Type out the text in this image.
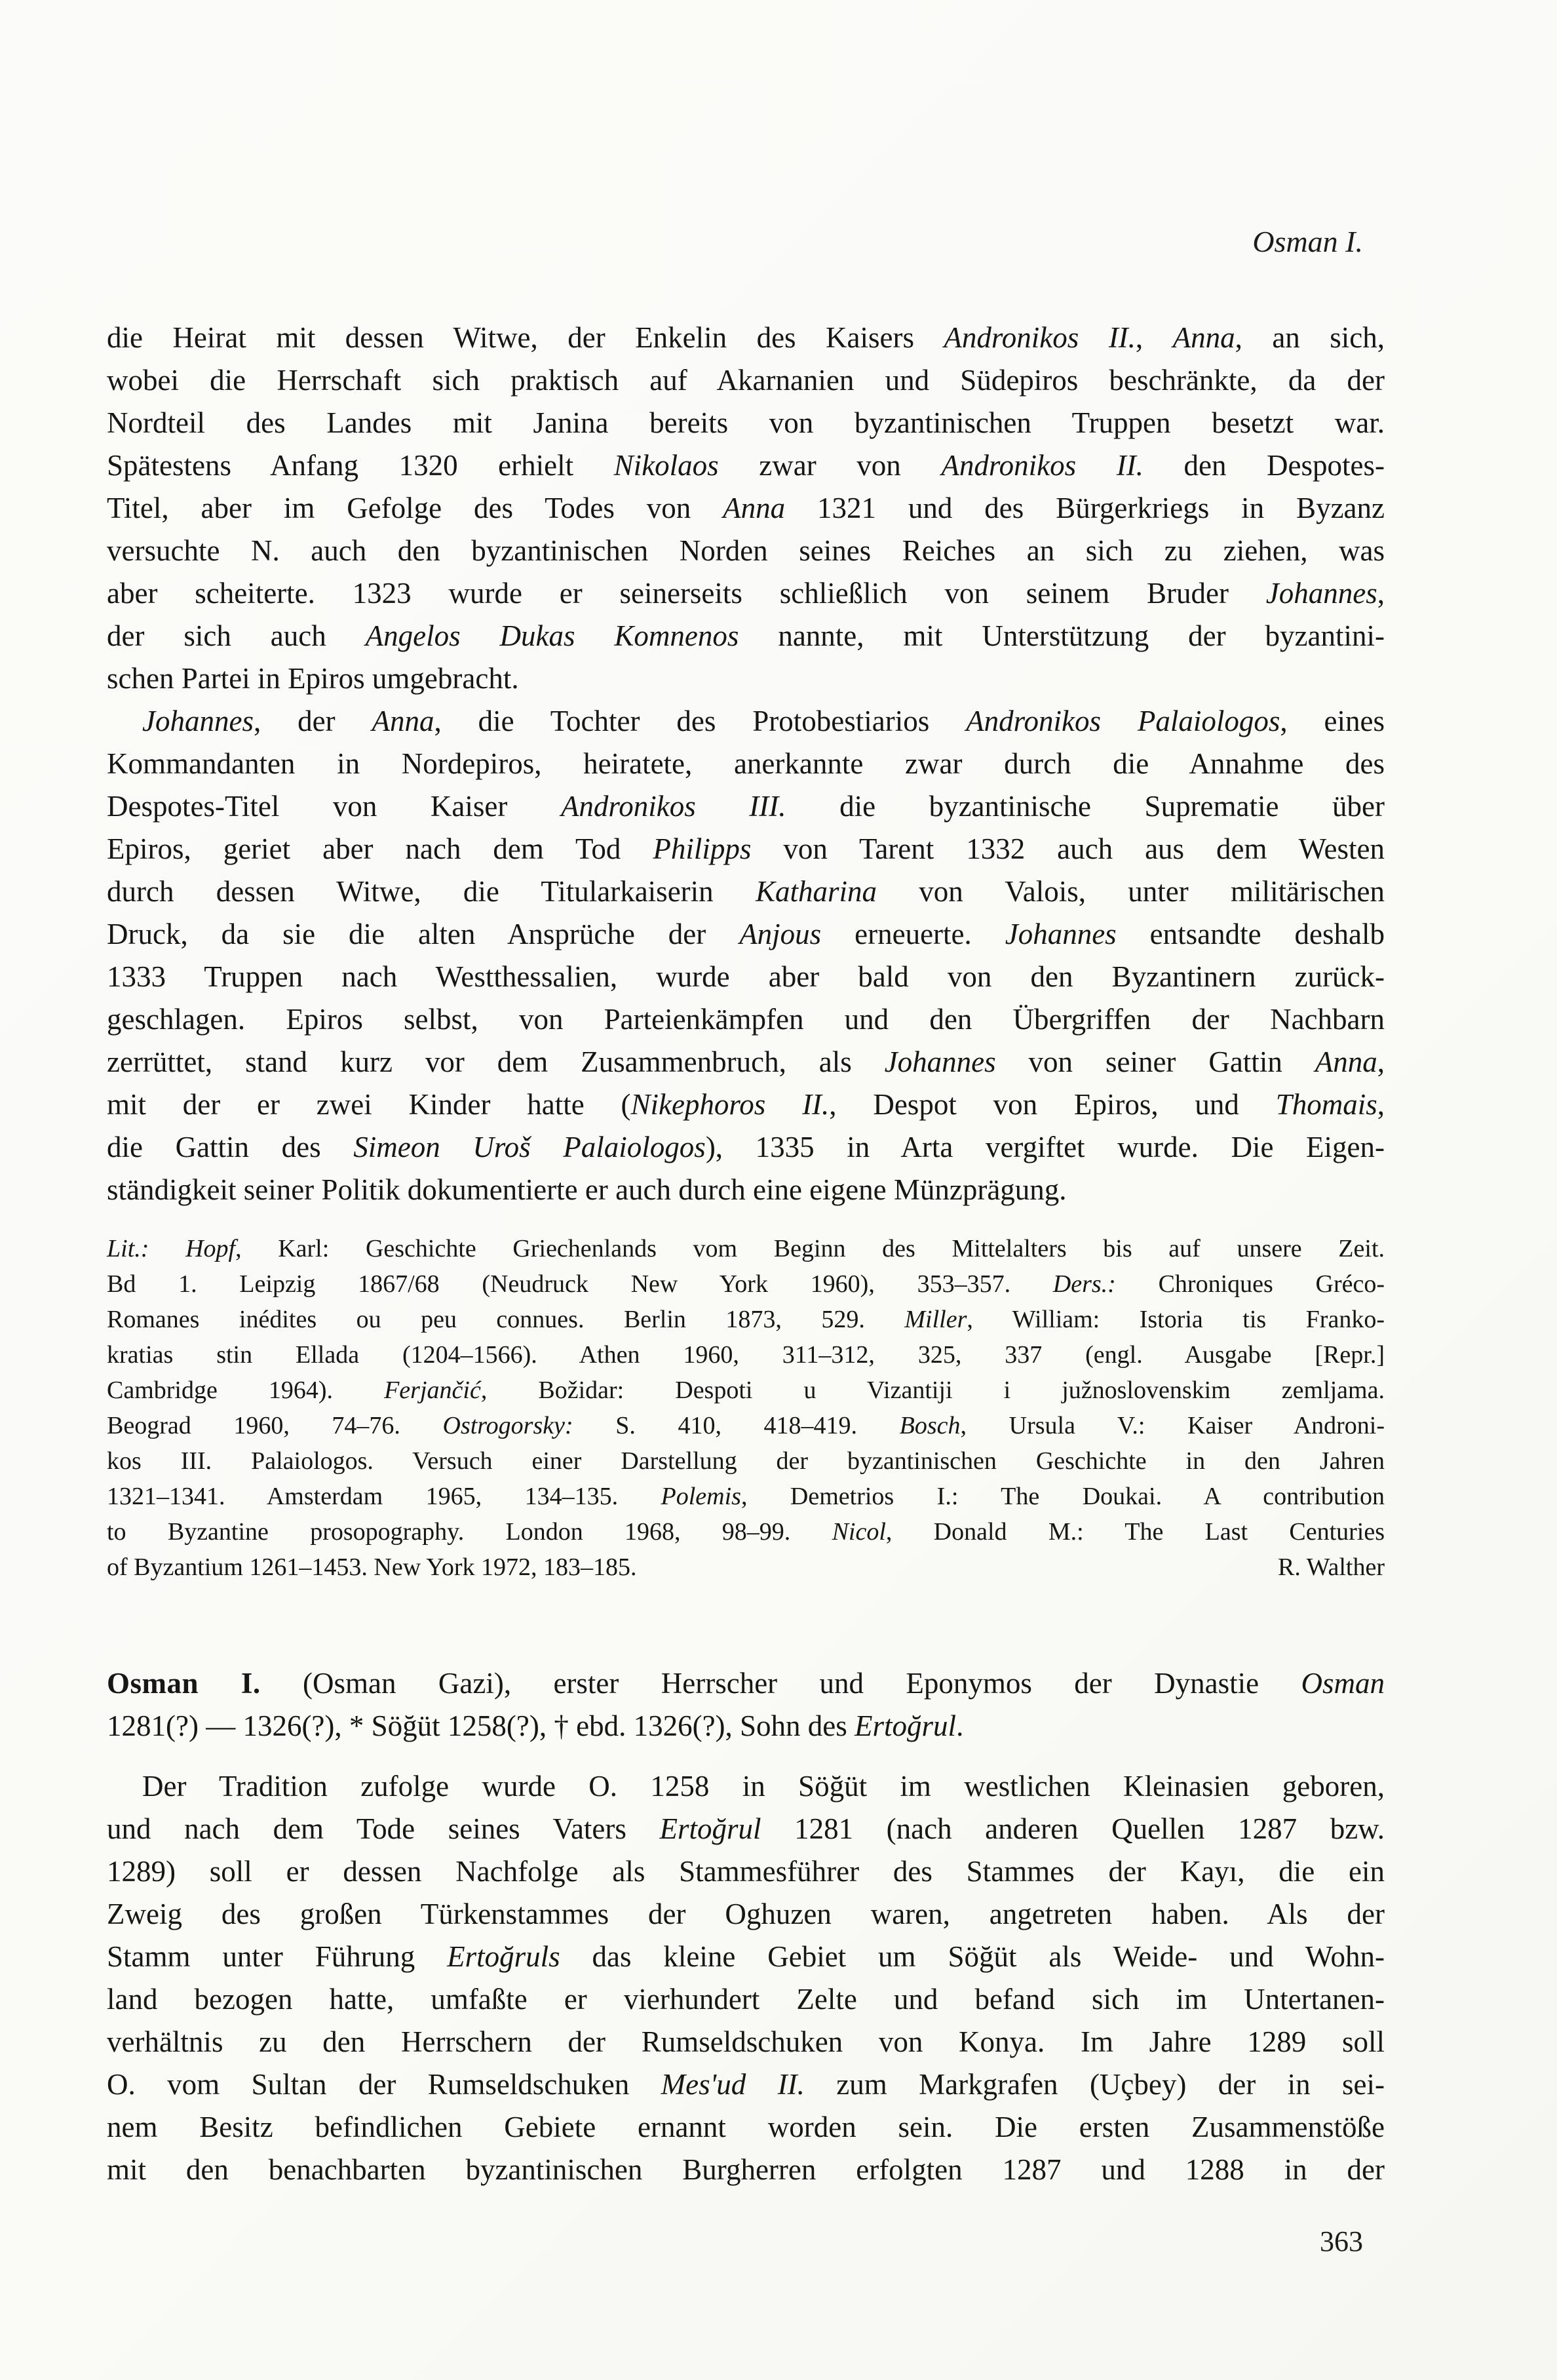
Osman I.
die Heirat mit dessen Witwe, der Enkelin des Kaisers Andronikos II., Anna, an sich,
wobei die Herrschaft sich praktisch auf Akarnanien und Südepiros beschränkte, da der
Nordteil des Landes mit Janina bereits von byzantinischen Truppen besetzt war.
Spätestens Anfang 1320 erhielt Nikolaos zwar von Andronikos II. den Despotes-
Titel, aber im Gefolge des Todes von Anna 1321 und des Bürgerkriegs in Byzanz
versuchte N. auch den byzantinischen Norden seines Reiches an sich zu ziehen, was
aber scheiterte. 1323 wurde er seinerseits schließlich von seinem Bruder Johannes,
der sich auch Angelos Dukas Komnenos nannte, mit Unterstützung der byzantini-
schen Partei in Epiros umgebracht.
Johannes, der Anna, die Tochter des Protobestiarios Andronikos Palaiologos, eines
Kommandanten in Nordepiros, heiratete, anerkannte zwar durch die Annahme des
Despotes-Titel von Kaiser Andronikos III. die byzantinische Suprematie über
Epiros, geriet aber nach dem Tod Philipps von Tarent 1332 auch aus dem Westen
durch dessen Witwe, die Titularkaiserin Katharina von Valois, unter militärischen
Druck, da sie die alten Ansprüche der Anjous erneuerte. Johannes entsandte deshalb
1333 Truppen nach Westthessalien, wurde aber bald von den Byzantinern zurück-
geschlagen. Epiros selbst, von Parteienkämpfen und den Übergriffen der Nachbarn
zerrüttet, stand kurz vor dem Zusammenbruch, als Johannes von seiner Gattin Anna,
mit der er zwei Kinder hatte (Nikephoros II., Despot von Epiros, und Thomais,
die Gattin des Simeon Uroš Palaiologos), 1335 in Arta vergiftet wurde. Die Eigen-
ständigkeit seiner Politik dokumentierte er auch durch eine eigene Münzprägung.
Lit.: Hopf, Karl: Geschichte Griechenlands vom Beginn des Mittelalters bis auf unsere Zeit.
Bd 1. Leipzig 1867/68 (Neudruck New York 1960), 353–357. Ders.: Chroniques Gréco-
Romanes inédites ou peu connues. Berlin 1873, 529. Miller, William: Istoria tis Franko-
kratias stin Ellada (1204–1566). Athen 1960, 311–312, 325, 337 (engl. Ausgabe [Repr.]
Cambridge 1964). Ferjančić, Božidar: Despoti u Vizantiji i južnoslovenskim zemljama.
Beograd 1960, 74–76. Ostrogorsky: S. 410, 418–419. Bosch, Ursula V.: Kaiser Androni-
kos III. Palaiologos. Versuch einer Darstellung der byzantinischen Geschichte in den Jahren
1321–1341. Amsterdam 1965, 134–135. Polemis, Demetrios I.: The Doukai. A contribution
to Byzantine prosopography. London 1968, 98–99. Nicol, Donald M.: The Last Centuries
of Byzantium 1261–1453. New York 1972, 183–185.	R. Walther
Osman I. (Osman Gazi), erster Herrscher und Eponymos der Dynastie Osman
1281(?) — 1326(?), * Söğüt 1258(?), † ebd. 1326(?), Sohn des Ertoğrul.
Der Tradition zufolge wurde O. 1258 in Söğüt im westlichen Kleinasien geboren,
und nach dem Tode seines Vaters Ertoğrul 1281 (nach anderen Quellen 1287 bzw.
1289) soll er dessen Nachfolge als Stammesführer des Stammes der Kayı, die ein
Zweig des großen Türkenstammes der Oghuzen waren, angetreten haben. Als der
Stamm unter Führung Ertoğruls das kleine Gebiet um Söğüt als Weide- und Wohn-
land bezogen hatte, umfaßte er vierhundert Zelte und befand sich im Untertanen-
verhältnis zu den Herrschern der Rumseldschuken von Konya. Im Jahre 1289 soll
O. vom Sultan der Rumseldschuken Mes'ud II. zum Markgrafen (Uçbey) der in sei-
nem Besitz befindlichen Gebiete ernannt worden sein. Die ersten Zusammenstöße
mit den benachbarten byzantinischen Burgherren erfolgten 1287 und 1288 in der
363
